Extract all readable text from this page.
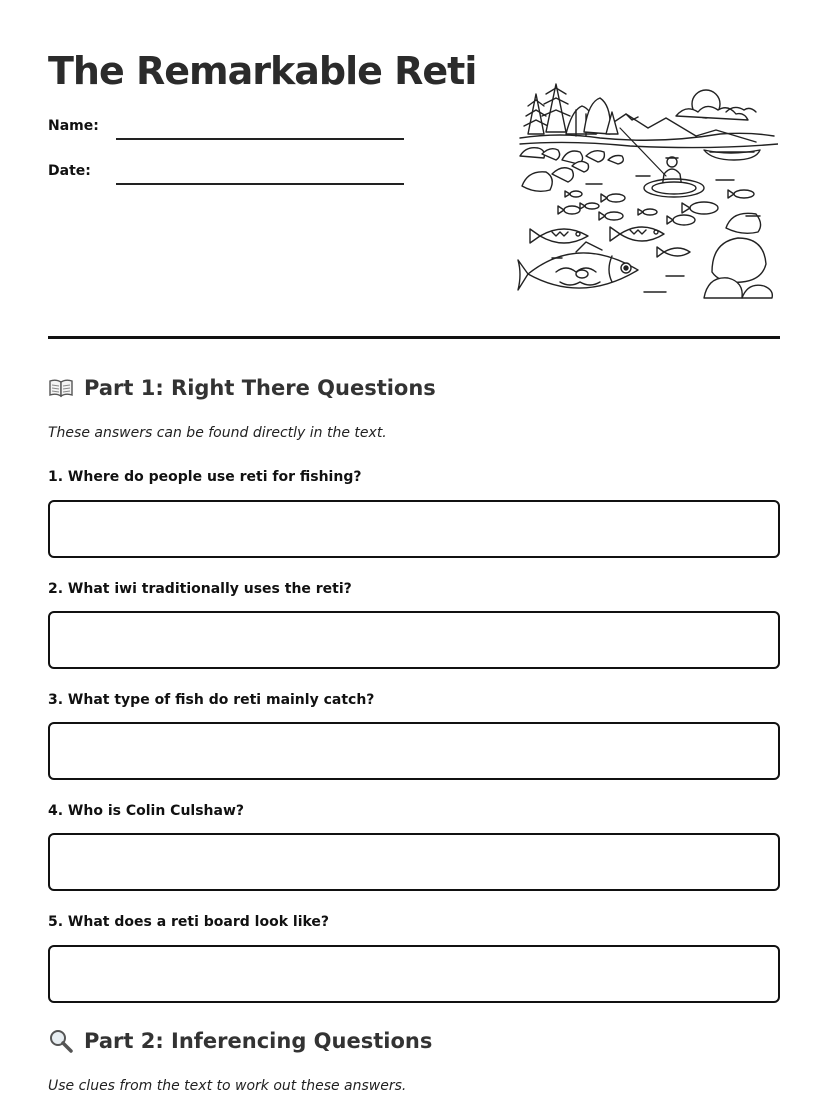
The Remarkable Reti
Name:
Date:
Part 1: Right There Questions
These answers can be found directly in the text.
1. Where do people use reti for fishing?
2. What iwi traditionally uses the reti?
3. What type of fish do reti mainly catch?
4. Who is Colin Culshaw?
5. What does a reti board look like?
Part 2: Inferencing Questions
Use clues from the text to work out these answers.
